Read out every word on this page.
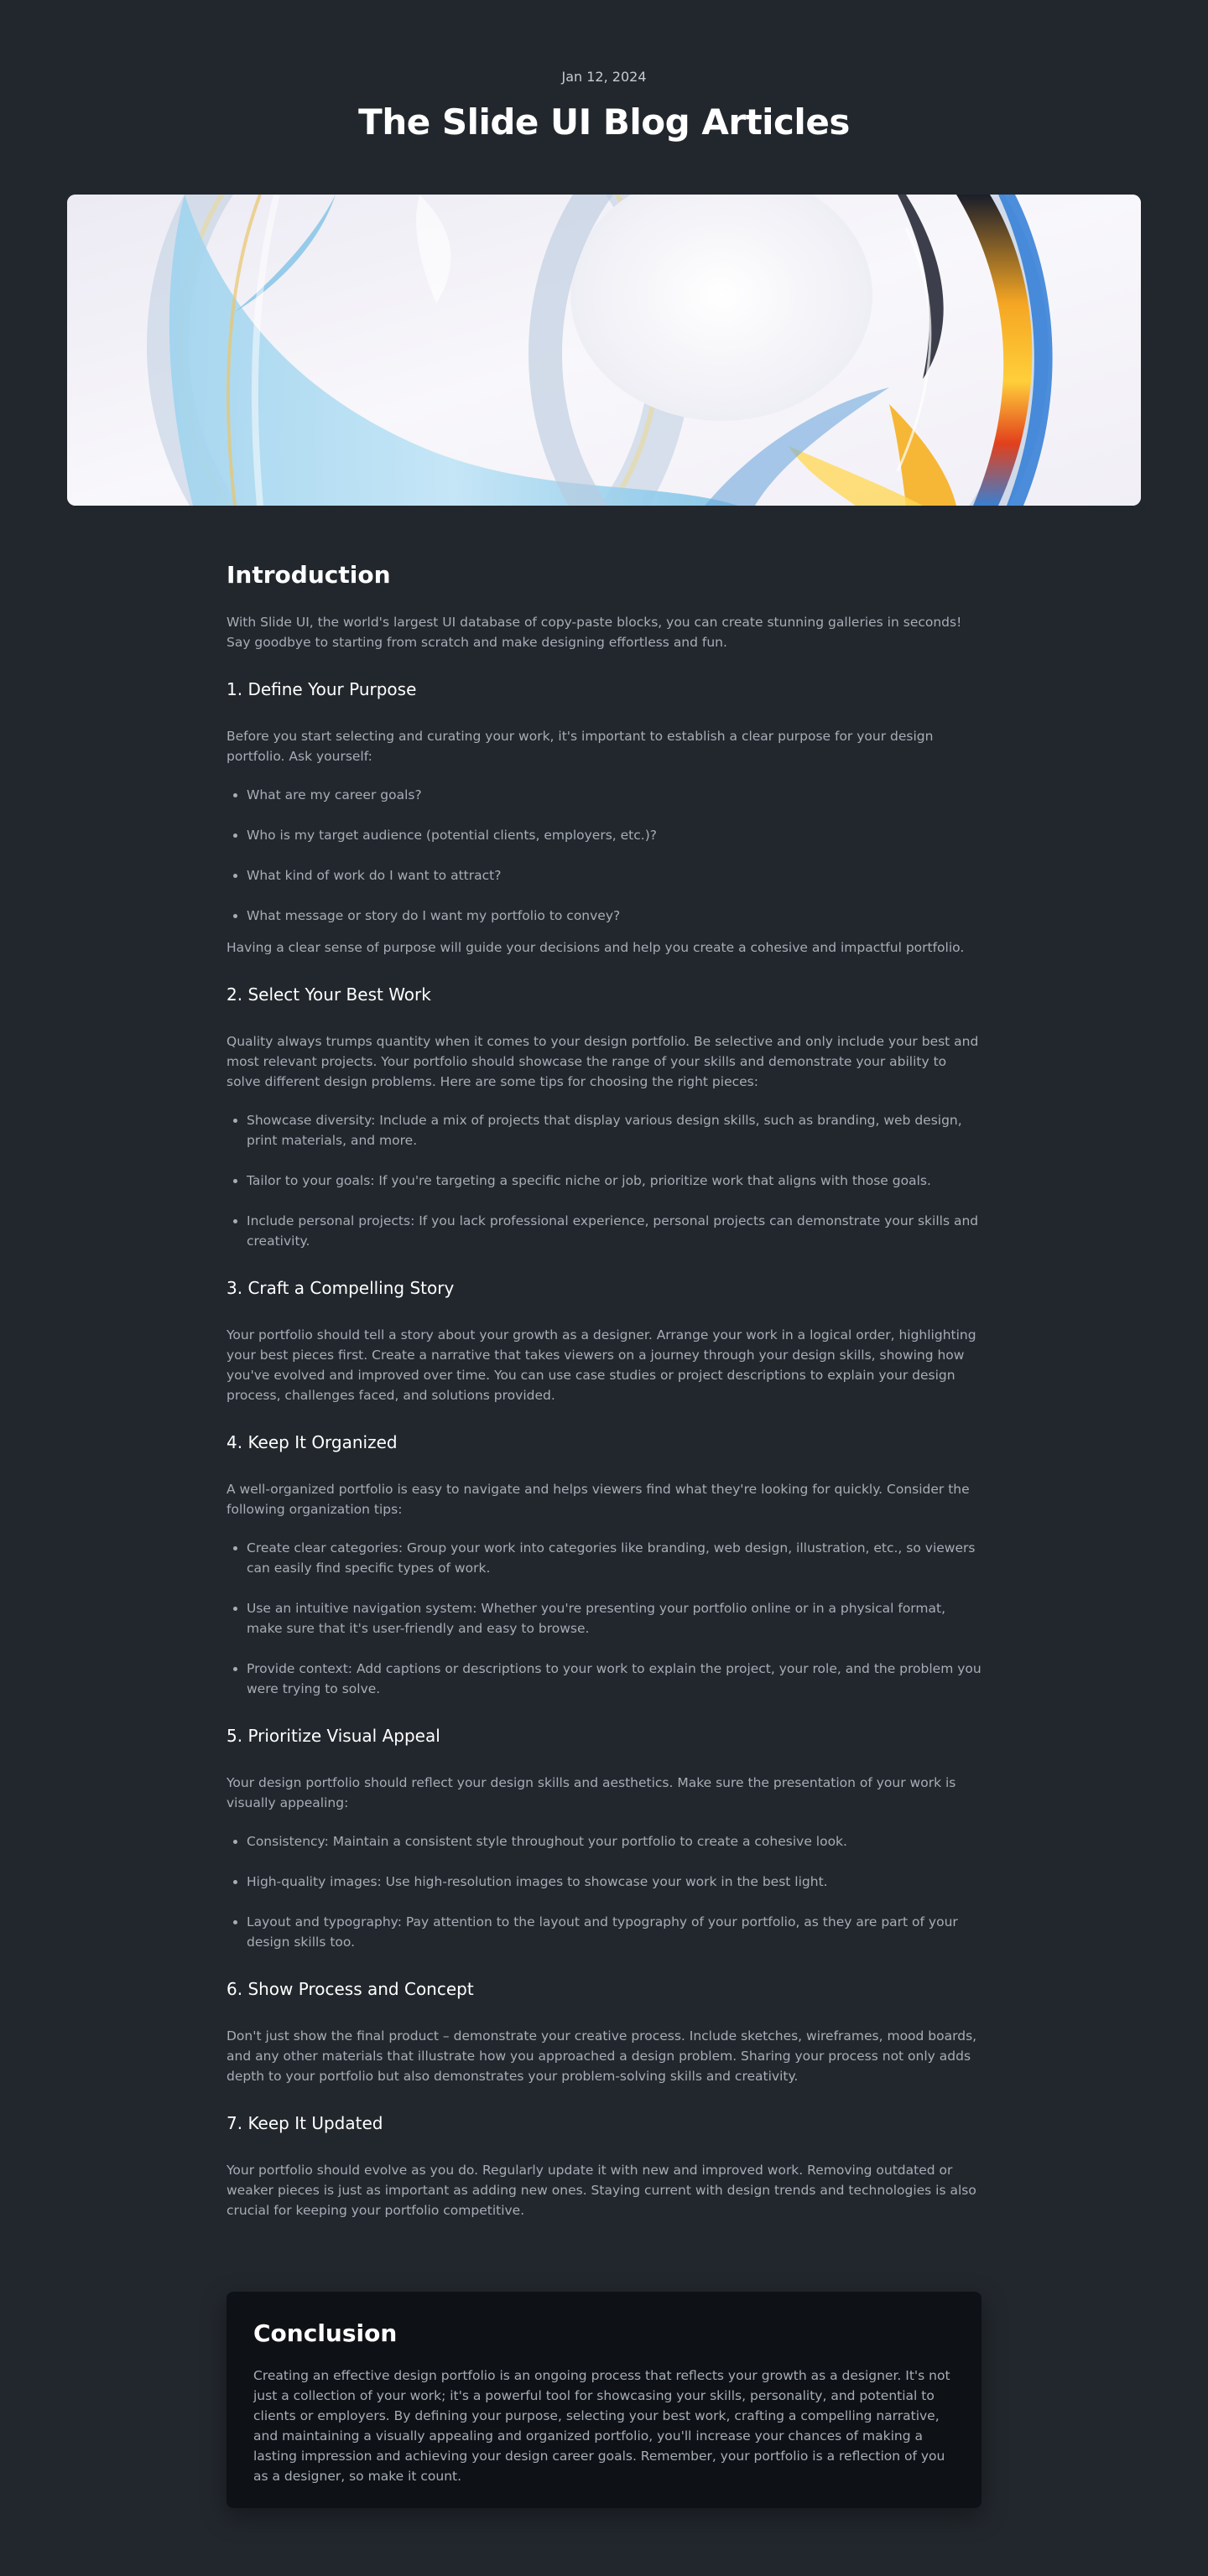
Jan 12, 2024
The Slide UI Blog Articles
Introduction

With Slide UI, the world's largest UI database of copy-paste blocks, you can create stunning galleries in seconds! Say goodbye to starting from scratch and make designing effortless and fun.

1. Define Your Purpose

Before you start selecting and curating your work, it's important to establish a clear purpose for your design portfolio. Ask yourself:

What are my career goals?
Who is my target audience (potential clients, employers, etc.)?
What kind of work do I want to attract?
What message or story do I want my portfolio to convey?

Having a clear sense of purpose will guide your decisions and help you create a cohesive and impactful portfolio.

2. Select Your Best Work

Quality always trumps quantity when it comes to your design portfolio. Be selective and only include your best and most relevant projects. Your portfolio should showcase the range of your skills and demonstrate your ability to solve different design problems. Here are some tips for choosing the right pieces:

Showcase diversity: Include a mix of projects that display various design skills, such as branding, web design, print materials, and more.
Tailor to your goals: If you're targeting a specific niche or job, prioritize work that aligns with those goals.
Include personal projects: If you lack professional experience, personal projects can demonstrate your skills and creativity.
3. Craft a Compelling Story

Your portfolio should tell a story about your growth as a designer. Arrange your work in a logical order, highlighting your best pieces first. Create a narrative that takes viewers on a journey through your design skills, showing how you've evolved and improved over time. You can use case studies or project descriptions to explain your design process, challenges faced, and solutions provided.

4. Keep It Organized

A well-organized portfolio is easy to navigate and helps viewers find what they're looking for quickly. Consider the following organization tips:

Create clear categories: Group your work into categories like branding, web design, illustration, etc., so viewers can easily find specific types of work.
Use an intuitive navigation system: Whether you're presenting your portfolio online or in a physical format, make sure that it's user-friendly and easy to browse.
Provide context: Add captions or descriptions to your work to explain the project, your role, and the problem you were trying to solve.
5. Prioritize Visual Appeal

Your design portfolio should reflect your design skills and aesthetics. Make sure the presentation of your work is visually appealing:

Consistency: Maintain a consistent style throughout your portfolio to create a cohesive look.
High-quality images: Use high-resolution images to showcase your work in the best light.
Layout and typography: Pay attention to the layout and typography of your portfolio, as they are part of your design skills too.
6. Show Process and Concept

Don't just show the final product – demonstrate your creative process. Include sketches, wireframes, mood boards, and any other materials that illustrate how you approached a design problem. Sharing your process not only adds depth to your portfolio but also demonstrates your problem-solving skills and creativity.

7. Keep It Updated

Your portfolio should evolve as you do. Regularly update it with new and improved work. Removing outdated or weaker pieces is just as important as adding new ones. Staying current with design trends and technologies is also crucial for keeping your portfolio competitive.

Conclusion

Creating an effective design portfolio is an ongoing process that reflects your growth as a designer. It's not just a collection of your work; it's a powerful tool for showcasing your skills, personality, and potential to clients or employers. By defining your purpose, selecting your best work, crafting a compelling narrative, and maintaining a visually appealing and organized portfolio, you'll increase your chances of making a lasting impression and achieving your design career goals. Remember, your portfolio is a reflection of you as a designer, so make it count.
